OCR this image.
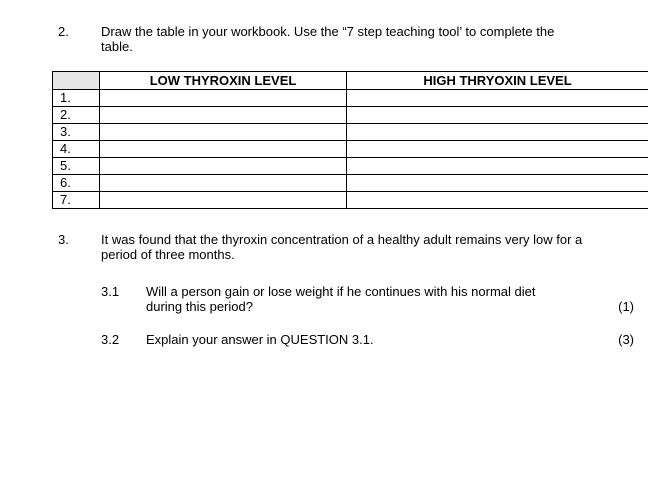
2. Draw the table in your workbook. Use the “7 step teaching tool’ to complete the
table.
	LOW THYROXIN LEVEL	HIGH THRYOXIN LEVEL
1.		
2.		
3.		
4.		
5.		
6.		
7.		
3. It was found that the thyroxin concentration of a healthy adult remains very low for a
period of three months.
3.1 Will a person gain or lose weight if he continues with his normal diet
during this period?	(1)
3.2 Explain your answer in QUESTION 3.1.	(3)
